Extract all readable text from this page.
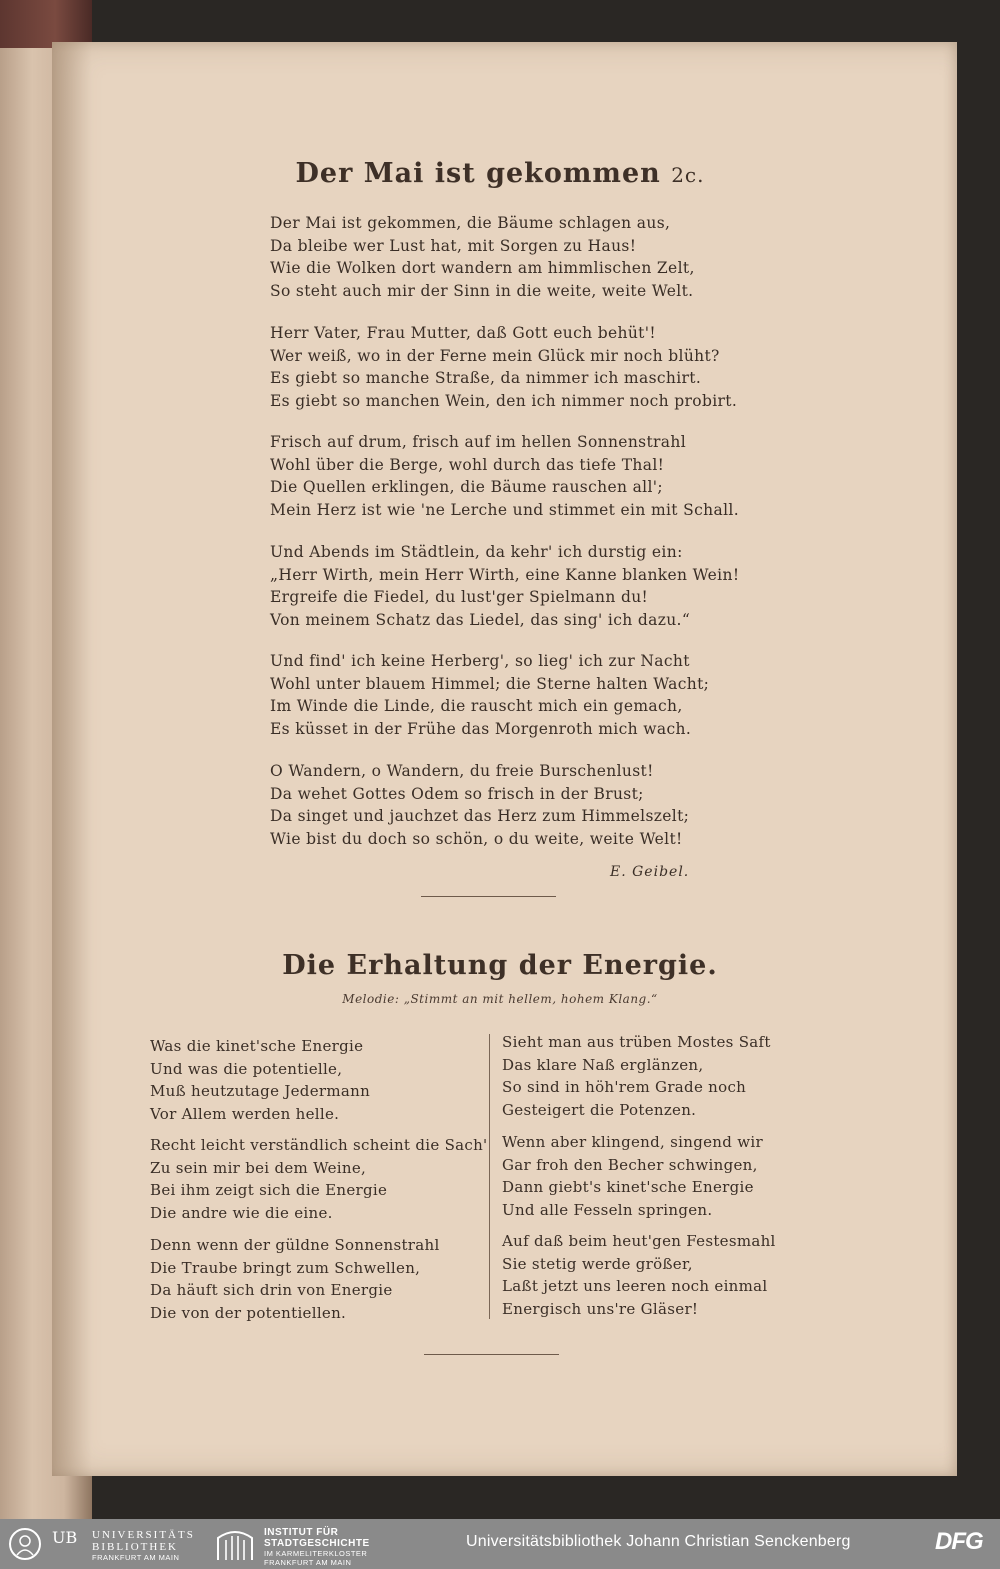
Der Mai ist gekommen 2c.
Der Mai ist gekommen, die Bäume schlagen aus,
Da bleibe wer Lust hat, mit Sorgen zu Haus!
Wie die Wolken dort wandern am himmlischen Zelt,
So steht auch mir der Sinn in die weite, weite Welt.
Herr Vater, Frau Mutter, daß Gott euch behüt'!
Wer weiß, wo in der Ferne mein Glück mir noch blüht?
Es giebt so manche Straße, da nimmer ich maschirt.
Es giebt so manchen Wein, den ich nimmer noch probirt.
Frisch auf drum, frisch auf im hellen Sonnenstrahl
Wohl über die Berge, wohl durch das tiefe Thal!
Die Quellen erklingen, die Bäume rauschen all';
Mein Herz ist wie 'ne Lerche und stimmet ein mit Schall.
Und Abends im Städtlein, da kehr' ich durstig ein:
„Herr Wirth, mein Herr Wirth, eine Kanne blanken Wein!
Ergreife die Fiedel, du lust'ger Spielmann du!
Von meinem Schatz das Liedel, das sing' ich dazu.“
Und find' ich keine Herberg', so lieg' ich zur Nacht
Wohl unter blauem Himmel; die Sterne halten Wacht;
Im Winde die Linde, die rauscht mich ein gemach,
Es küsset in der Frühe das Morgenroth mich wach.
O Wandern, o Wandern, du freie Burschenlust!
Da wehet Gottes Odem so frisch in der Brust;
Da singet und jauchzet das Herz zum Himmelszelt;
Wie bist du doch so schön, o du weite, weite Welt!
E. Geibel.
Die Erhaltung der Energie.
Melodie: „Stimmt an mit hellem, hohem Klang.“
Was die kinet'sche Energie
Und was die potentielle,
Muß heutzutage Jedermann
Vor Allem werden helle.
Recht leicht verständlich scheint die Sach'
Zu sein mir bei dem Weine,
Bei ihm zeigt sich die Energie
Die andre wie die eine.
Denn wenn der güldne Sonnenstrahl
Die Traube bringt zum Schwellen,
Da häuft sich drin von Energie
Die von der potentiellen.
Sieht man aus trüben Mostes Saft
Das klare Naß erglänzen,
So sind in höh'rem Grade noch
Gesteigert die Potenzen.
Wenn aber klingend, singend wir
Gar froh den Becher schwingen,
Dann giebt's kinet'sche Energie
Und alle Fesseln springen.
Auf daß beim heut'gen Festesmahl
Sie stetig werde größer,
Laßt jetzt uns leeren noch einmal
Energisch uns're Gläser!
UB UNIVERSITÄTS
BIBLIOTHEK
FRANKFURT AM MAIN
INSTITUT FÜR
STADTGESCHICHTE
IM KARMELITERKLOSTER
FRANKFURT AM MAIN
Universitätsbibliothek Johann Christian Senckenberg	DFG
